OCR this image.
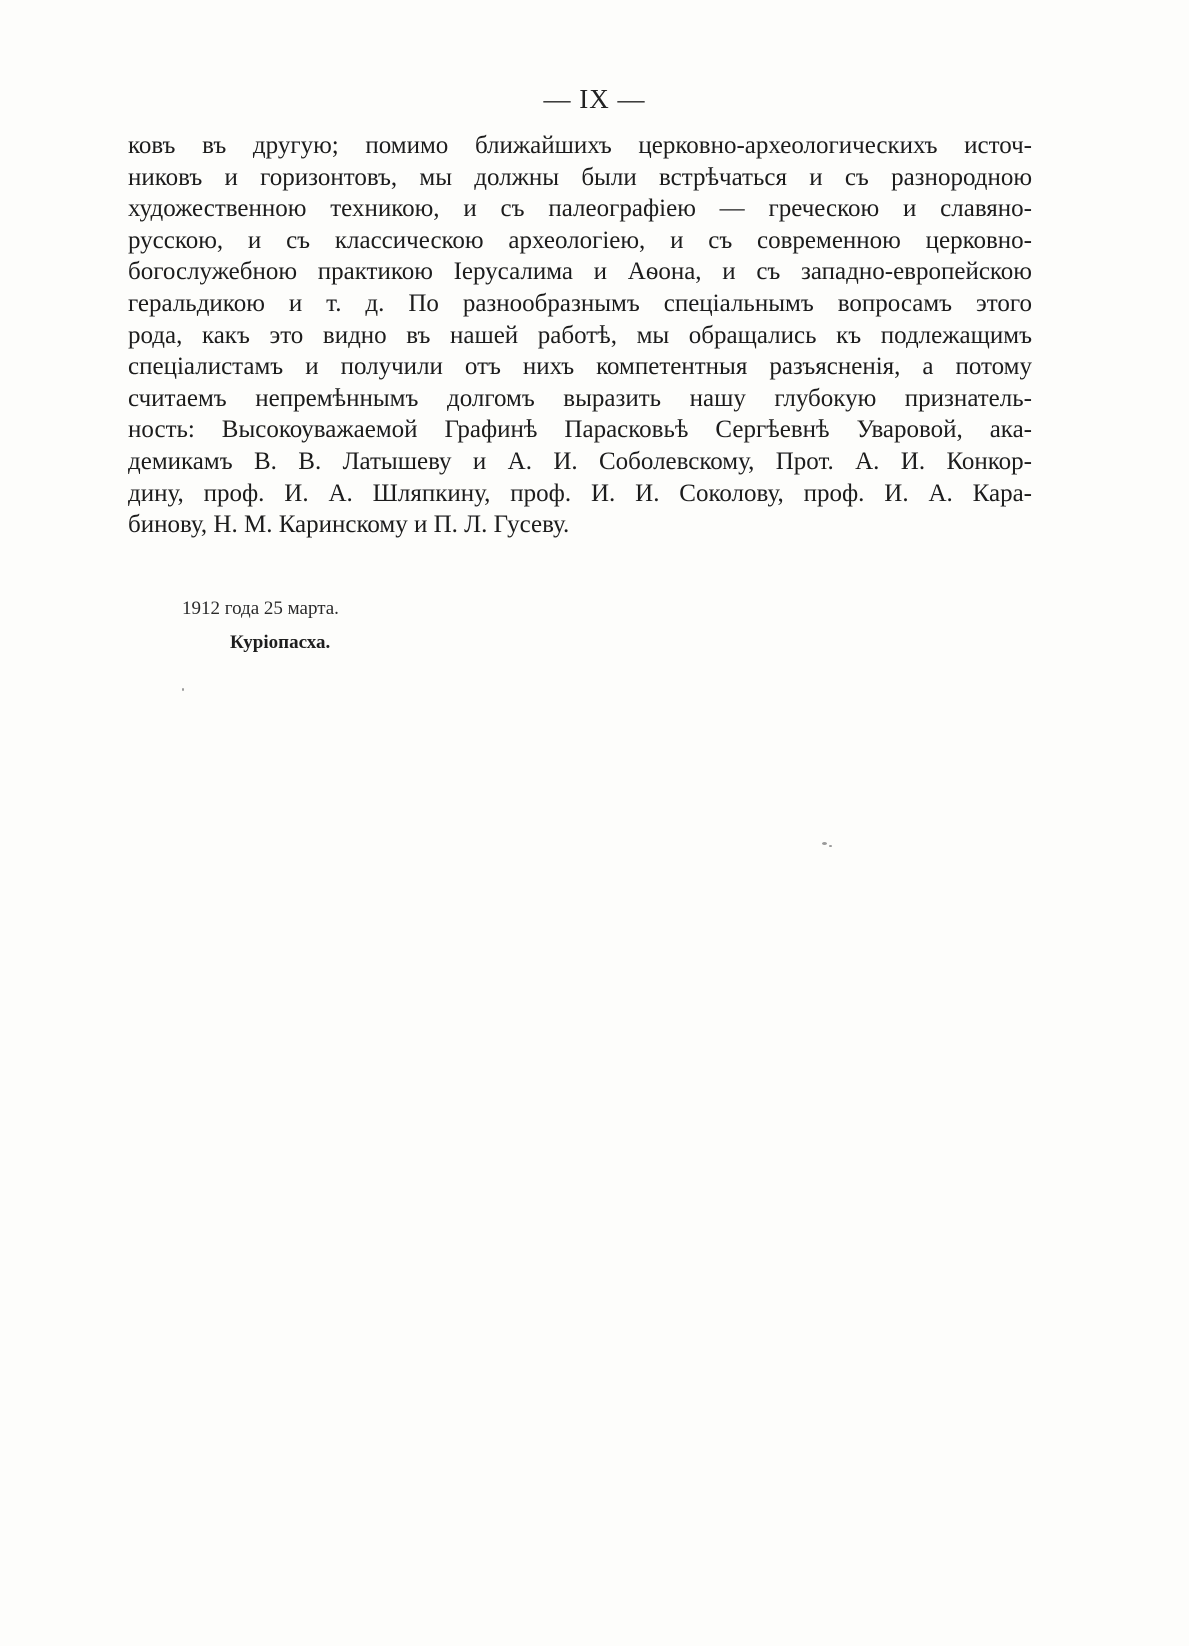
— IX —
ковъ въ другую; помимо ближайшихъ церковно-археологическихъ источ-
никовъ и горизонтовъ, мы должны были встрѣчаться и съ разнородною
художественною техникою, и съ палеографіею — греческою и славяно-
русскою, и съ классическою археологіею, и съ современною церковно-
богослужебною практикою Іерусалима и Аѳона, и съ западно-европейскою
геральдикою и т. д. По разнообразнымъ спеціальнымъ вопросамъ этого
рода, какъ это видно въ нашей работѣ, мы обращались къ подлежащимъ
спеціалистамъ и получили отъ нихъ компетентныя разъясненія, а потому
считаемъ непремѣннымъ долгомъ выразить нашу глубокую признатель-
ность: Высокоуважаемой Графинѣ Парасковьѣ Сергѣевнѣ Уваровой, ака-
демикамъ В. В. Латышеву и А. И. Соболевскому, Прот. А. И. Конкор-
дину, проф. И. А. Шляпкину, проф. И. И. Соколову, проф. И. А. Кара-
бинову, Н. М. Каринскому и П. Л. Гусеву.
1912 года 25 марта.
Куріопасха.
